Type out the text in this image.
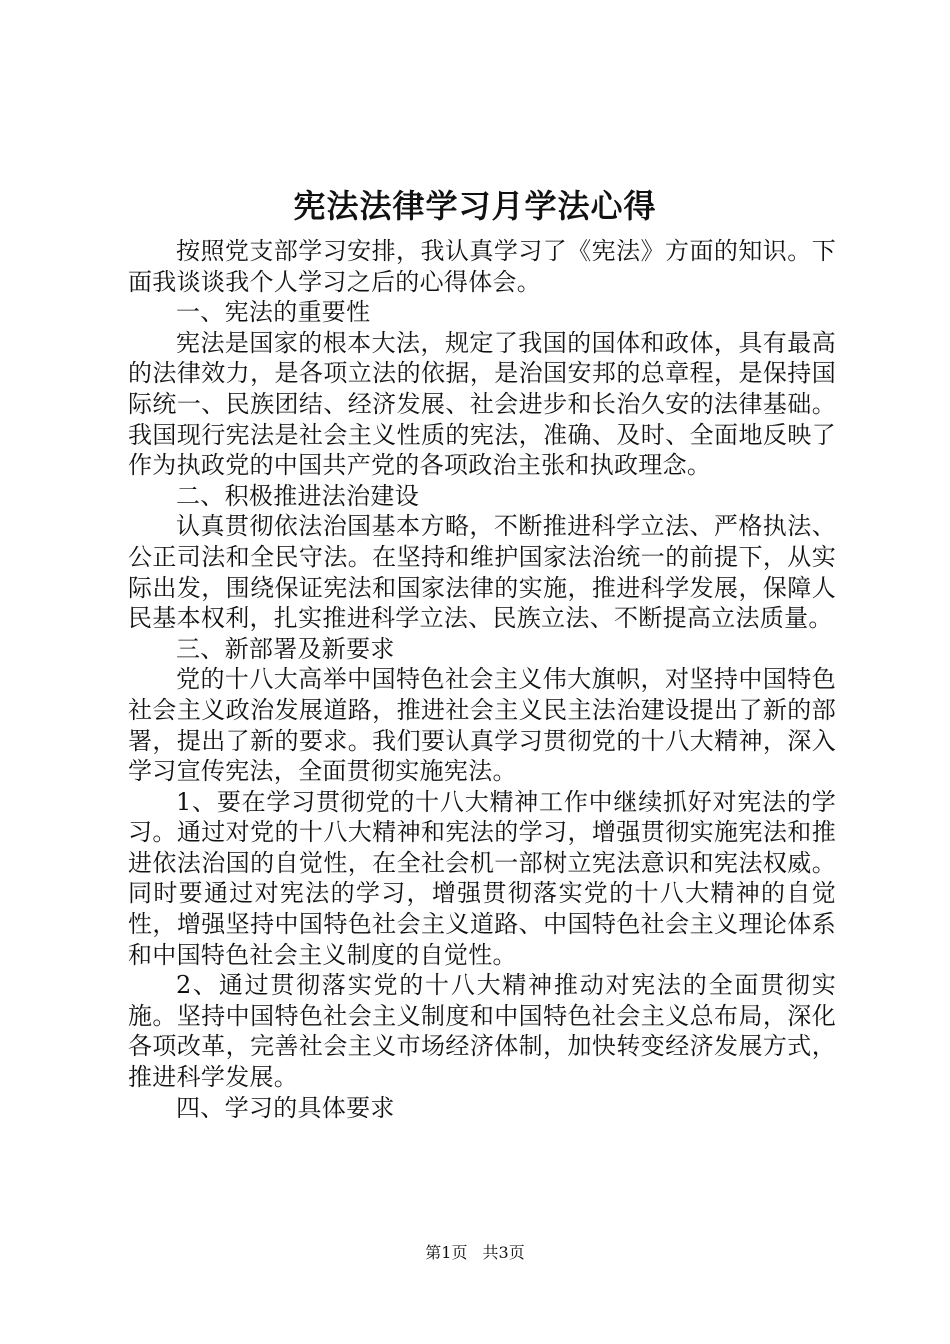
宪法法律学习月学法心得

按照党支部学习安排，我认真学习了《宪法》方面的知识。下面我谈谈我个人学习之后的心得体会。

一、宪法的重要性

宪法是国家的根本大法，规定了我国的国体和政体，具有最高的法律效力，是各项立法的依据，是治国安邦的总章程，是保持国际统一、民族团结、经济发展、社会进步和长治久安的法律基础。我国现行宪法是社会主义性质的宪法，准确、及时、全面地反映了作为执政党的中国共产党的各项政治主张和执政理念。

二、积极推进法治建设

认真贯彻依法治国基本方略，不断推进科学立法、严格执法、公正司法和全民守法。在坚持和维护国家法治统一的前提下，从实际出发，围绕保证宪法和国家法律的实施，推进科学发展，保障人民基本权利，扎实推进科学立法、民族立法、不断提高立法质量。

三、新部署及新要求

党的十八大高举中国特色社会主义伟大旗帜，对坚持中国特色社会主义政治发展道路，推进社会主义民主法治建设提出了新的部署，提出了新的要求。我们要认真学习贯彻党的十八大精神，深入学习宣传宪法，全面贯彻实施宪法。

1、要在学习贯彻党的十八大精神工作中继续抓好对宪法的学习。通过对党的十八大精神和宪法的学习，增强贯彻实施宪法和推进依法治国的自觉性，在全社会机一部树立宪法意识和宪法权威。同时要通过对宪法的学习，增强贯彻落实党的十八大精神的自觉性，增强坚持中国特色社会主义道路、中国特色社会主义理论体系和中国特色社会主义制度的自觉性。

2、通过贯彻落实党的十八大精神推动对宪法的全面贯彻实施。坚持中国特色社会主义制度和中国特色社会主义总布局，深化各项改革，完善社会主义市场经济体制，加快转变经济发展方式，推进科学发展。

四、学习的具体要求

第1页 共3页
